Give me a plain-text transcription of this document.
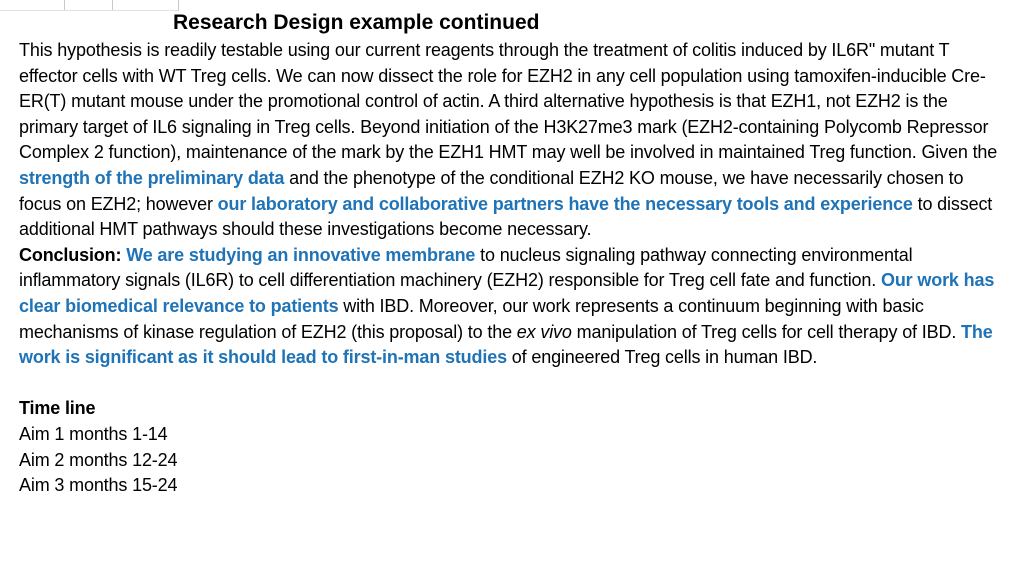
Research Design example continued

This hypothesis is readily testable using our current reagents through the treatment of colitis induced by IL6R" mutant T effector cells with WT Treg cells. We can now dissect the role for EZH2 in any cell population using tamoxifen-inducible Cre-ER(T) mutant mouse under the promotional control of actin. A third alternative hypothesis is that EZH1, not EZH2 is the primary target of IL6 signaling in Treg cells. Beyond initiation of the H3K27me3 mark (EZH2-containing Polycomb Repressor Complex 2 function), maintenance of the mark by the EZH1 HMT may well be involved in maintained Treg function. Given the strength of the preliminary data and the phenotype of the conditional EZH2 KO mouse, we have necessarily chosen to focus on EZH2; however our laboratory and collaborative partners have the necessary tools and experience to dissect additional HMT pathways should these investigations become necessary.

Conclusion: We are studying an innovative membrane to nucleus signaling pathway connecting environmental inflammatory signals (IL6R) to cell differentiation machinery (EZH2) responsible for Treg cell fate and function. Our work has clear biomedical relevance to patients with IBD. Moreover, our work represents a continuum beginning with basic mechanisms of kinase regulation of EZH2 (this proposal) to the ex vivo manipulation of Treg cells for cell therapy of IBD. The work is significant as it should lead to first-in-man studies of engineered Treg cells in human IBD.

Time line
Aim 1 months 1-14
Aim 2 months 12-24
Aim 3 months 15-24
